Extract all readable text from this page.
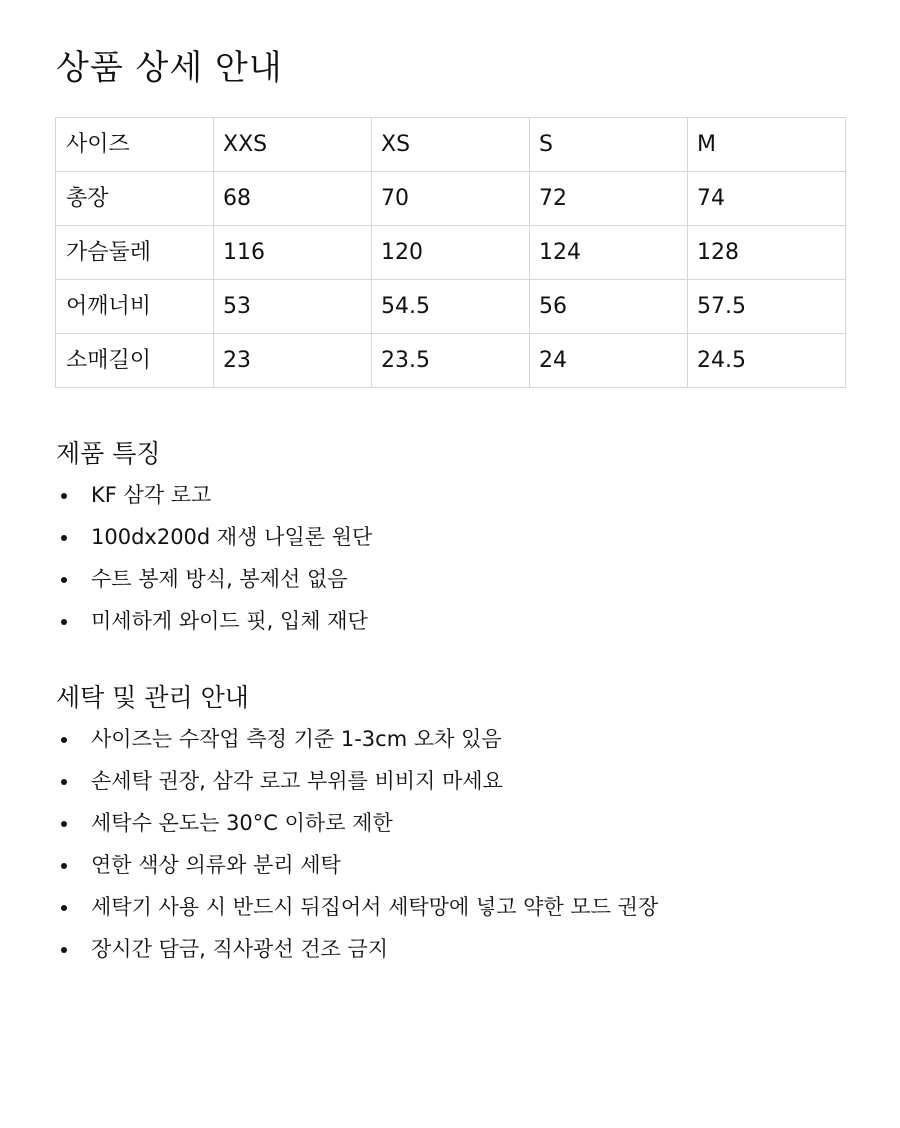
상품 상세 안내
사이즈	XXS	XS	S	M
총장	68	70	72	74
가슴둘레	116	120	124	128
어깨너비	53	54.5	56	57.5
소매길이	23	23.5	24	24.5
제품 특징
KF 삼각 로고
100dx200d 재생 나일론 원단
수트 봉제 방식, 봉제선 없음
미세하게 와이드 핏, 입체 재단
세탁 및 관리 안내
사이즈는 수작업 측정 기준 1-3cm 오차 있음
손세탁 권장, 삼각 로고 부위를 비비지 마세요
세탁수 온도는 30°C 이하로 제한
연한 색상 의류와 분리 세탁
세탁기 사용 시 반드시 뒤집어서 세탁망에 넣고 약한 모드 권장
장시간 담금, 직사광선 건조 금지
